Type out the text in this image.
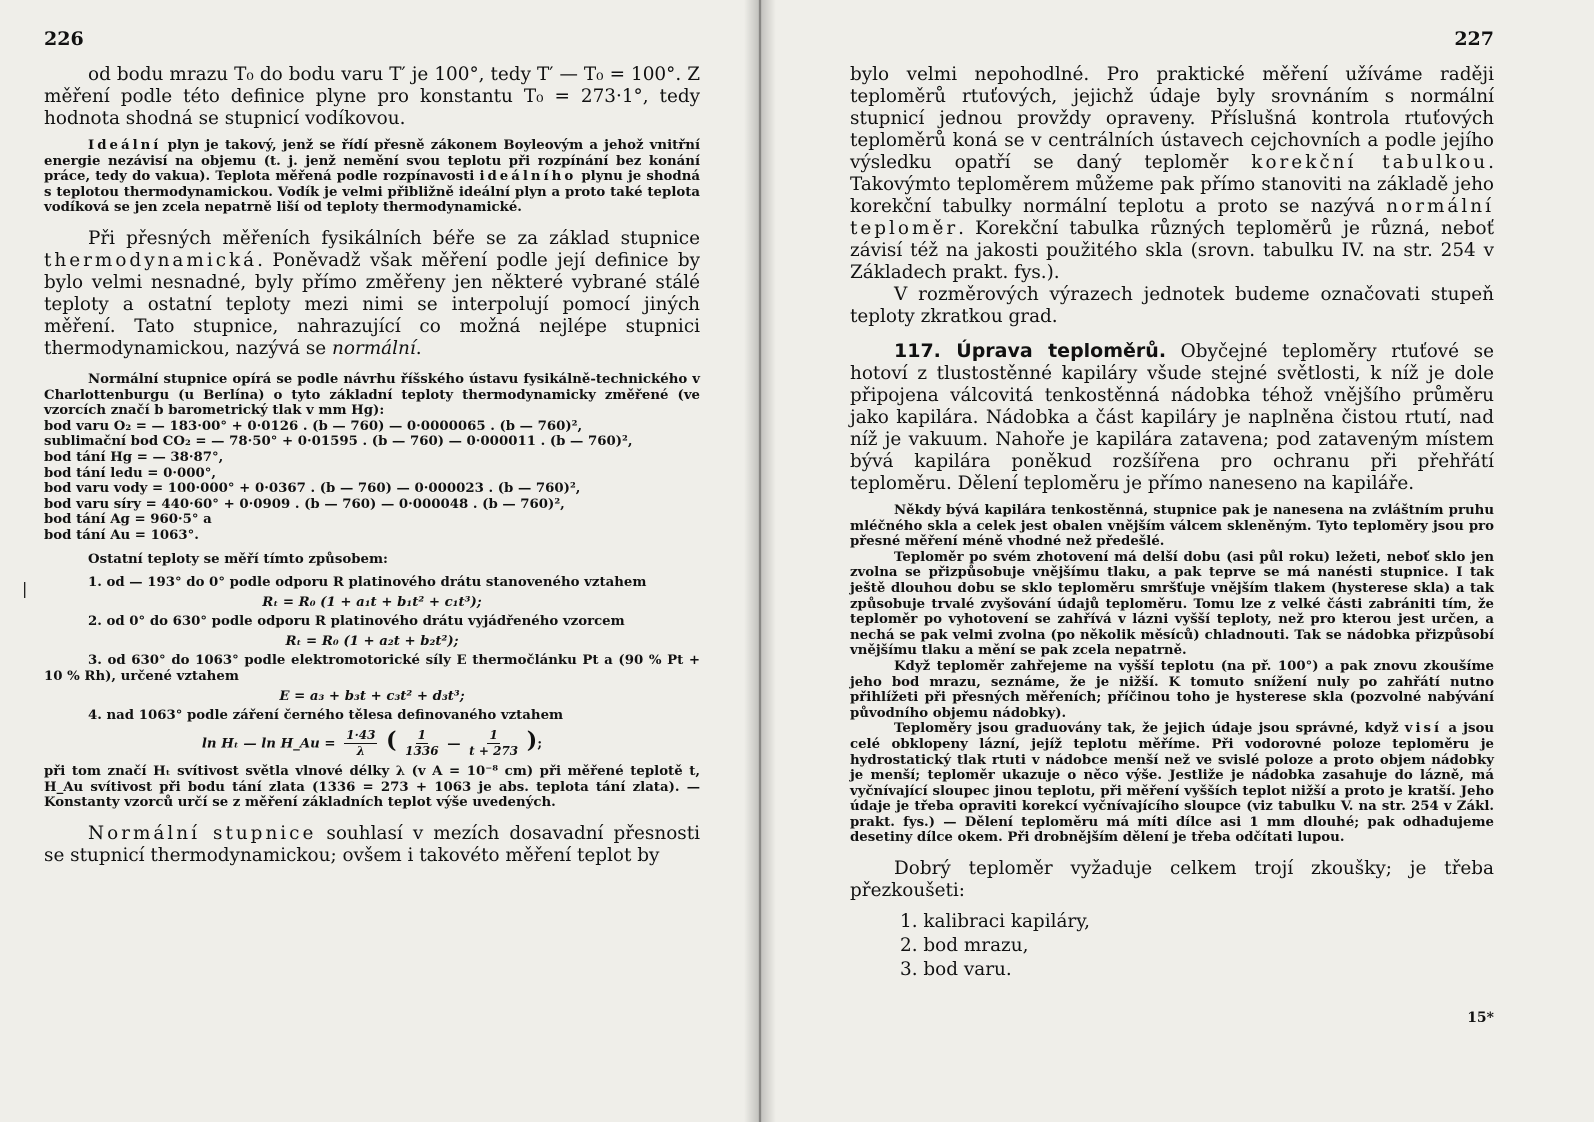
226

od bodu mrazu T₀ do bodu varu T′ je 100°, tedy T′ — T₀ = 100°. Z měření podle této definice plyne pro konstantu T₀ = 273·1°, tedy hodnota shodná se stupnicí vodíkovou.

Ideální plyn je takový, jenž se řídí přesně zákonem Boyleovým a jehož vnitřní energie nezávisí na objemu (t. j. jenž nemění svou teplotu při rozpínání bez konání práce, tedy do vakua). Teplota měřená podle rozpínavosti ideálního plynu je shodná s teplotou thermodynamickou. Vodík je velmi přibližně ideální plyn a proto také teplota vodíková se jen zcela nepatrně liší od teploty thermodynamické.

Při přesných měřeních fysikálních béře se za základ stupnice thermodynamická. Poněvadž však měření podle její definice by bylo velmi nesnadné, byly přímo změřeny jen některé vybrané stálé teploty a ostatní teploty mezi nimi se interpolují pomocí jiných měření. Tato stupnice, nahrazující co možná nejlépe stupnici thermodynamickou, nazývá se normální.

Normální stupnice opírá se podle návrhu říšského ústavu fysikálně-technického v Charlottenburgu (u Berlína) o tyto základní teploty thermodynamicky změřené (ve vzorcích značí b barometrický tlak v mm Hg):

bod varu O₂ = — 183·00° + 0·0126 . (b — 760) — 0·0000065 . (b — 760)²,

sublimační bod CO₂ = — 78·50° + 0·01595 . (b — 760) — 0·000011 . (b — 760)²,

bod tání Hg = — 38·87°,

bod tání ledu = 0·000°,

bod varu vody = 100·000° + 0·0367 . (b — 760) — 0·000023 . (b — 760)²,

bod varu síry = 440·60° + 0·0909 . (b — 760) — 0·000048 . (b — 760)²,

bod tání Ag = 960·5° a

bod tání Au = 1063°.

Ostatní teploty se měří tímto způsobem:

1. od — 193° do 0° podle odporu R platinového drátu stanoveného vztahem

Rₜ = R₀ (1 + a₁t + b₁t² + c₁t³);

2. od 0° do 630° podle odporu R platinového drátu vyjádřeného vzorcem

Rₜ = R₀ (1 + a₂t + b₂t²);

3. od 630° do 1063° podle elektromotorické síly E thermočlánku Pt a (90 % Pt + 10 % Rh), určené vztahem

E = a₃ + b₃t + c₃t² + d₃t³;

4. nad 1063° podle záření černého tělesa definovaného vztahem

ln Hₜ — ln H_Au = $\frac{1\cdot 43}{\lambda}$ ( $\frac{1}{1336}$ — $\frac{1}{t + 273}$ );

při tom značí Hₜ svítivost světla vlnové délky λ (v A = 10⁻⁸ cm) při měřené teplotě t, H_Au svítivost při bodu tání zlata (1336 = 273 + 1063 je abs. teplota tání zlata). — Konstanty vzorců určí se z měření základních teplot výše uvedených.

Normální stupnice souhlasí v mezích dosavadní přesnosti se stupnicí thermodynamickou; ovšem i takovéto měření teplot by

|
227

bylo velmi nepohodlné. Pro praktické měření užíváme raději teploměrů rtuťových, jejichž údaje byly srovnáním s normální stupnicí jednou provždy opraveny. Příslušná kontrola rtuťových teploměrů koná se v centrálních ústavech cejchovních a podle jejího výsledku opatří se daný teploměr korekční tabulkou. Takovýmto teploměrem můžeme pak přímo stanoviti na základě jeho korekční tabulky normální teplotu a proto se nazývá normální teploměr. Korekční tabulka různých teploměrů je různá, neboť závisí též na jakosti použitého skla (srovn. tabulku IV. na str. 254 v Základech prakt. fys.).

V rozměrových výrazech jednotek budeme označovati stupeň teploty zkratkou grad.

117. Úprava teploměrů. Obyčejné teploměry rtuťové se hotoví z tlustostěnné kapiláry všude stejné světlosti, k níž je dole připojena válcovitá tenkostěnná nádobka téhož vnějšího průměru jako kapilára. Nádobka a část kapiláry je naplněna čistou rtutí, nad níž je vakuum. Nahoře je kapilára zatavena; pod zataveným místem bývá kapilára poněkud rozšířena pro ochranu při přehřátí teploměru. Dělení teploměru je přímo naneseno na kapiláře.

Někdy bývá kapilára tenkostěnná, stupnice pak je nanesena na zvláštním pruhu mléčného skla a celek jest obalen vnějším válcem skleněným. Tyto teploměry jsou pro přesné měření méně vhodné než předešlé.

Teploměr po svém zhotovení má delší dobu (asi půl roku) ležeti, neboť sklo jen zvolna se přizpůsobuje vnějšímu tlaku, a pak teprve se má nanésti stupnice. I tak ještě dlouhou dobu se sklo teploměru smršťuje vnějším tlakem (hysterese skla) a tak způsobuje trvalé zvyšování údajů teploměru. Tomu lze z velké části zabrániti tím, že teploměr po vyhotovení se zahřívá v lázni vyšší teploty, než pro kterou jest určen, a nechá se pak velmi zvolna (po několik měsíců) chladnouti. Tak se nádobka přizpůsobí vnějšímu tlaku a mění se pak zcela nepatrně.

Když teploměr zahřejeme na vyšší teplotu (na př. 100°) a pak znovu zkoušíme jeho bod mrazu, seznáme, že je nižší. K tomuto snížení nuly po zahřátí nutno přihlížeti při přesných měřeních; příčinou toho je hysterese skla (pozvolné nabývání původního objemu nádobky).

Teploměry jsou graduovány tak, že jejich údaje jsou správné, když visí a jsou celé obklopeny lázní, jejíž teplotu měříme. Při vodorovné poloze teploměru je hydrostatický tlak rtuti v nádobce menší než ve svislé poloze a proto objem nádobky je menší; teploměr ukazuje o něco výše. Jestliže je nádobka zasahuje do lázně, má vyčnívající sloupec jinou teplotu, při měření vyšších teplot nižší a proto je kratší. Jeho údaje je třeba opraviti korekcí vyčnívajícího sloupce (viz tabulku V. na str. 254 v Zákl. prakt. fys.) — Dělení teploměru má míti dílce asi 1 mm dlouhé; pak odhadujeme desetiny dílce okem. Při drobnějším dělení je třeba odčítati lupou.

Dobrý teploměr vyžaduje celkem trojí zkoušky; je třeba přezkoušeti:

1. kalibraci kapiláry,
2. bod mrazu,
3. bod varu.
15*
